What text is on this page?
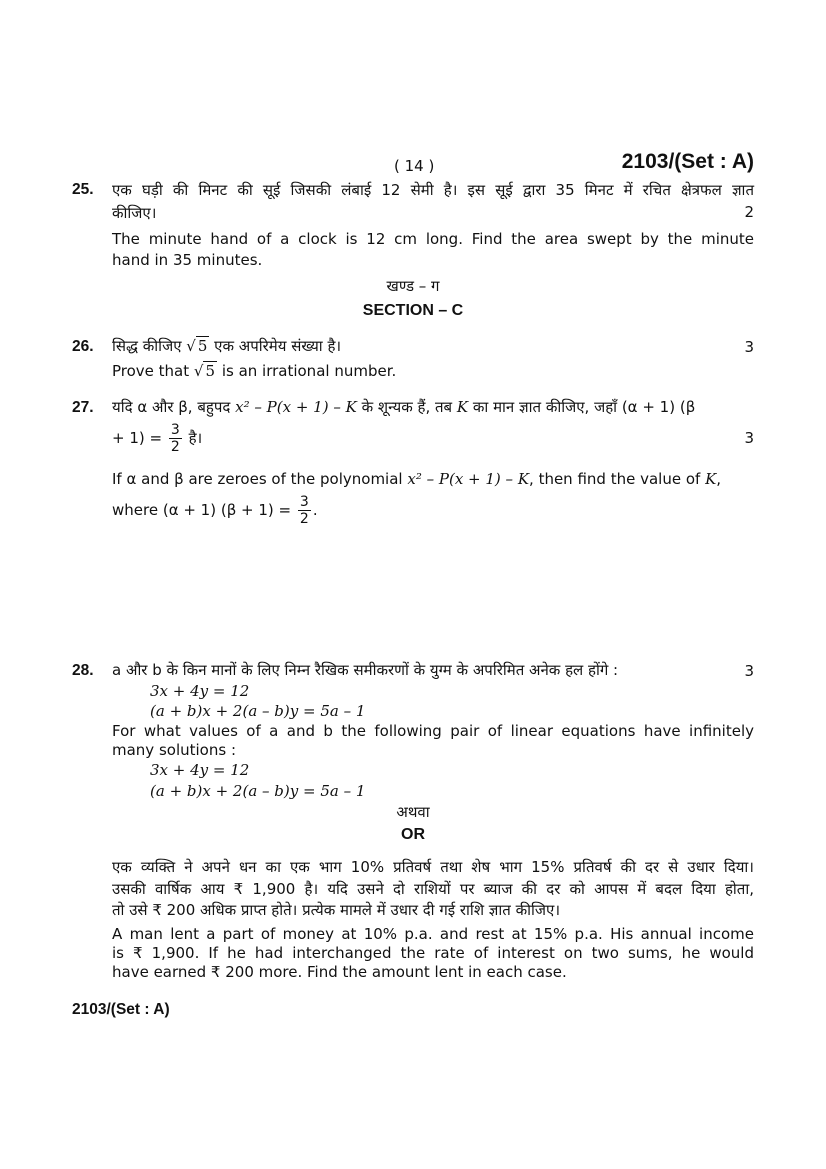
( 14 )	2103/(Set : A)
25. एक घड़ी की मिनट की सूई जिसकी लंबाई 12 सेमी है। इस सूई द्वारा 35 मिनट में रचित क्षेत्रफल ज्ञात
कीजिए।	2
The minute hand of a clock is 12 cm long. Find the area swept by the minute
hand in 35 minutes.
खण्ड – ग
SECTION – C
26. सिद्ध कीजिए √ 5 एक अपरिमेय संख्या है।	3
Prove that √ 5 is an irrational number.
27. यदि α और β, बहुपद x² – P(x + 1) – K के शून्यक हैं, तब K का मान ज्ञात कीजिए, जहाँ (α + 1) (β
+ $1) = \frac{3}{2}$ है।	3
If α and β are zeroes of the polynomial x² – P(x + 1) – K, then find the value of K,
where (α + 1) $(\beta + 1) = \frac{3}{2}$ .
28. a और b के किन मानों के लिए निम्न रैखिक समीकरणों के युग्म के अपरिमित अनेक हल होंगे :	3
3x + 4y = 12
(a + b)x + 2(a – b)y = 5a – 1
For what values of a and b the following pair of linear equations have infinitely
many solutions :
3x + 4y = 12
(a + b)x + 2(a – b)y = 5a – 1
अथवा
OR
एक व्यक्ति ने अपने धन का एक भाग 10% प्रतिवर्ष तथा शेष भाग 15% प्रतिवर्ष की दर से उधार दिया।
उसकी वार्षिक आय ₹ 1,900 है। यदि उसने दो राशियों पर ब्याज की दर को आपस में बदल दिया होता,
तो उसे ₹ 200 अधिक प्राप्त होते। प्रत्येक मामले में उधार दी गई राशि ज्ञात कीजिए।
A man lent a part of money at 10% p.a. and rest at 15% p.a. His annual income
is ₹ 1,900. If he had interchanged the rate of interest on two sums, he would
have earned ₹ 200 more. Find the amount lent in each case.
2103/(Set : A)
